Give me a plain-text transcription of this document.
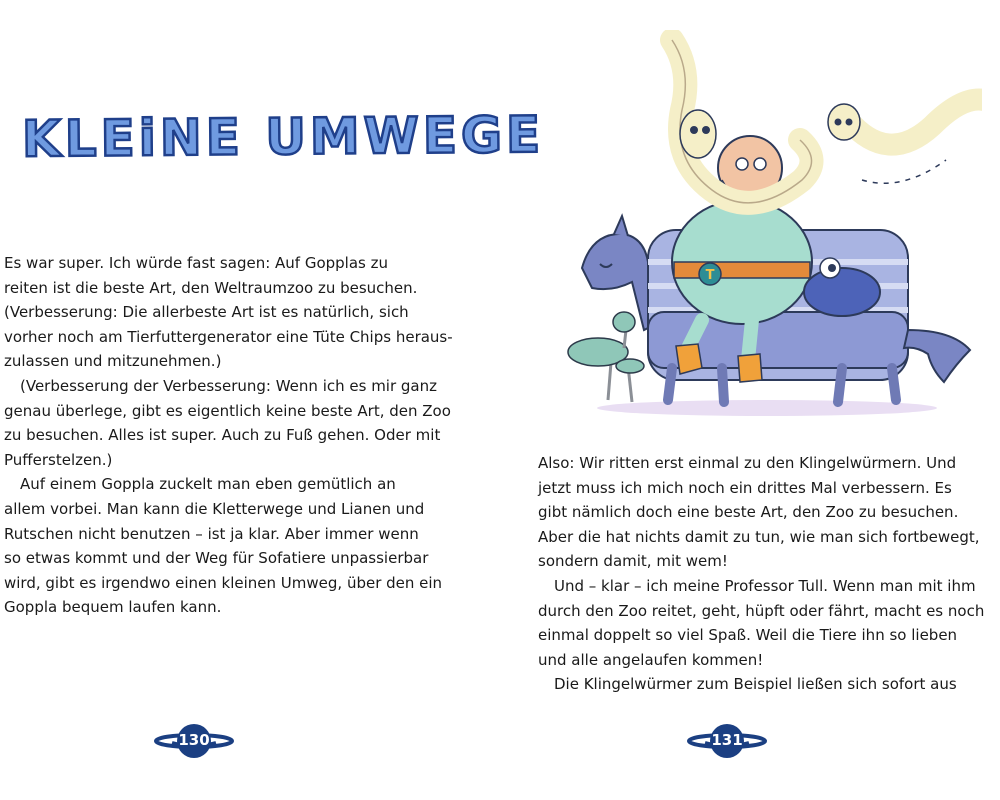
KLEiNE UMWEGE
Es war super. Ich würde fast sagen: Auf Gopplas zu
reiten ist die beste Art, den Weltraumzoo zu besuchen.
(Verbesserung: Die allerbeste Art ist es natürlich, sich
vorher noch am Tierfuttergenerator eine Tüte Chips heraus-
zulassen und mitzunehmen.)
(Verbesserung der Verbesserung: Wenn ich es mir ganz
genau überlege, gibt es eigentlich keine beste Art, den Zoo
zu besuchen. Alles ist super. Auch zu Fuß gehen. Oder mit
Pufferstelzen.)
Auf einem Goppla zuckelt man eben gemütlich an
allem vorbei. Man kann die Kletterwege und Lianen und
Rutschen nicht benutzen – ist ja klar. Aber immer wenn
so etwas kommt und der Weg für Sofatiere unpassierbar
wird, gibt es irgendwo einen kleinen Umweg, über den ein
Goppla bequem laufen kann.
130
T
Also: Wir ritten erst einmal zu den Klingelwürmern. Und
jetzt muss ich mich noch ein drittes Mal verbessern. Es
gibt nämlich doch eine beste Art, den Zoo zu besuchen.
Aber die hat nichts damit zu tun, wie man sich fortbewegt,
sondern damit, mit wem!
Und – klar – ich meine Professor Tull. Wenn man mit ihm
durch den Zoo reitet, geht, hüpft oder fährt, macht es noch
einmal doppelt so viel Spaß. Weil die Tiere ihn so lieben
und alle angelaufen kommen!
Die Klingelwürmer zum Beispiel ließen sich sofort aus
131
